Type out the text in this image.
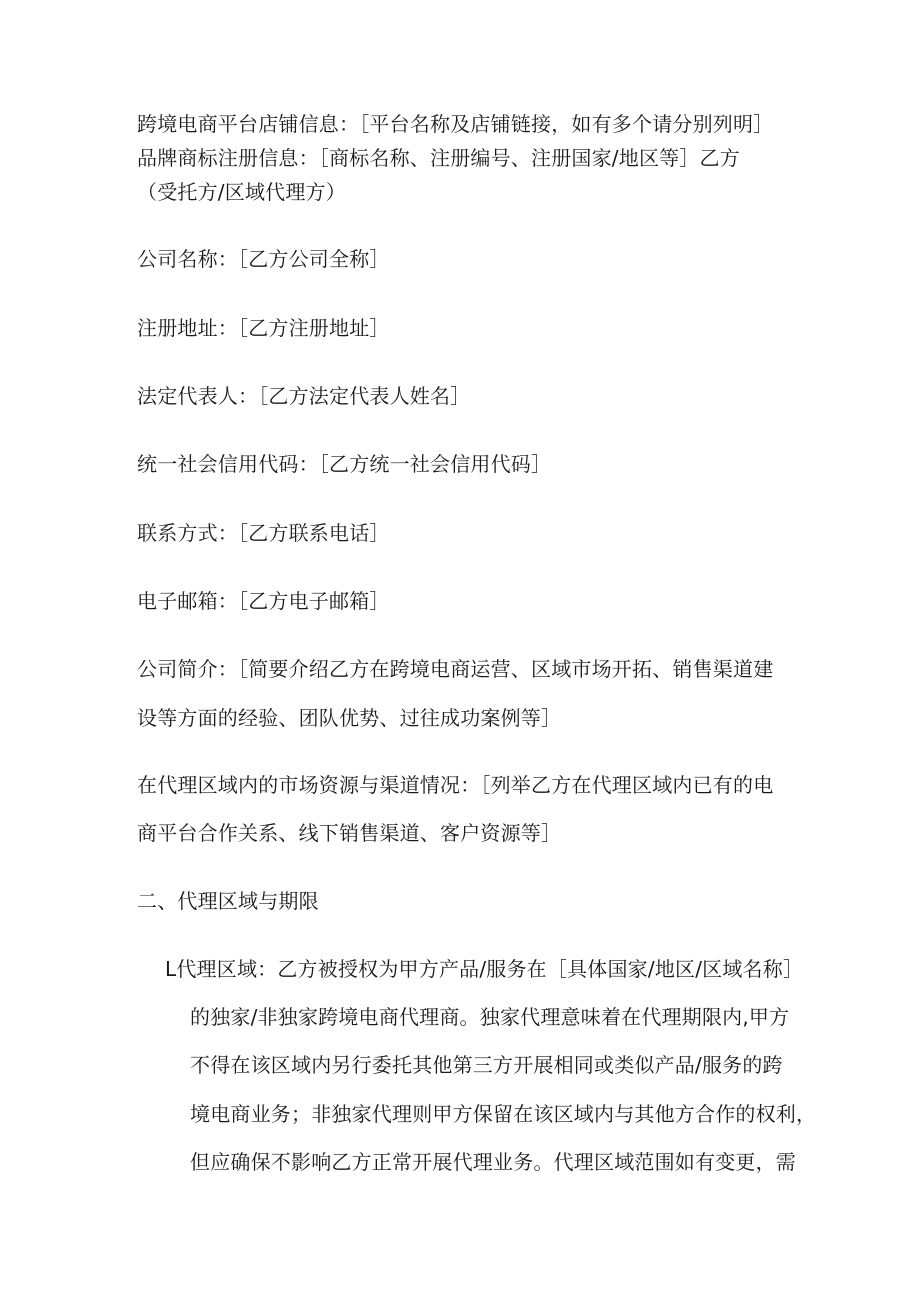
跨境电商平台店铺信息：［平台名称及店铺链接，如有多个请分别列明］
品牌商标注册信息：［商标名称、注册编号、注册国家/地区等］乙方
（受托方/区域代理方）
公司名称：［乙方公司全称］
注册地址：［乙方注册地址］
法定代表人：［乙方法定代表人姓名］
统一社会信用代码：［乙方统一社会信用代码］
联系方式：［乙方联系电话］
电子邮箱：［乙方电子邮箱］
公司简介：［简要介绍乙方在跨境电商运营、区域市场开拓、销售渠道建
设等方面的经验、团队优势、过往成功案例等］
在代理区域内的市场资源与渠道情况：［列举乙方在代理区域内已有的电
商平台合作关系、线下销售渠道、客户资源等］
二、代理区域与期限
L代理区域：乙方被授权为甲方产品/服务在［具体国家/地区/区域名称］
的独家/非独家跨境电商代理商。独家代理意味着在代理期限内,甲方
不得在该区域内另行委托其他第三方开展相同或类似产品/服务的跨
境电商业务；非独家代理则甲方保留在该区域内与其他方合作的权利，
但应确保不影响乙方正常开展代理业务。代理区域范围如有变更，需
